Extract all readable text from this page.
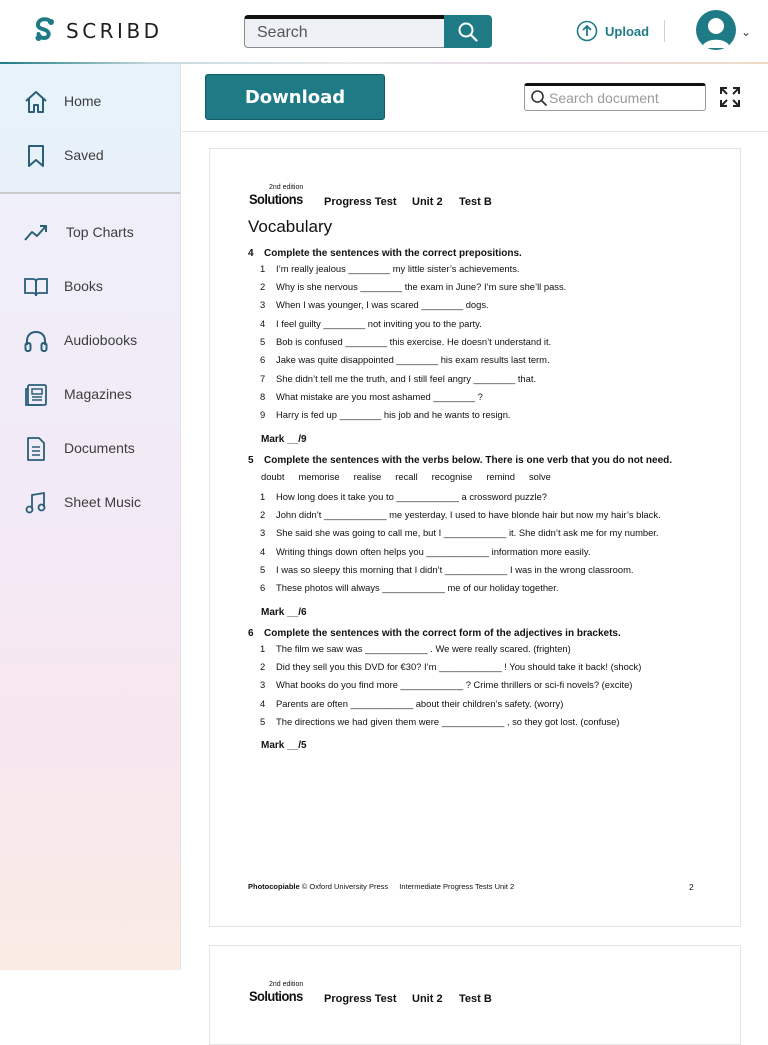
SCRIBD
Search	Upload	⌄
Home
Saved
Top Charts
Books
Audiobooks
Magazines
Documents
Sheet Music
Download
Search document
2nd edition
Solutions Progress Test Unit 2 Test B
Vocabulary
4 Complete the sentences with the correct prepositions.
1 I’m really jealous ________ my little sister’s achievements.
2 Why is she nervous ________ the exam in June? I’m sure she’ll pass.
3 When I was younger, I was scared ________ dogs.
4 I feel guilty ________ not inviting you to the party.
5 Bob is confused ________ this exercise. He doesn’t understand it.
6 Jake was quite disappointed ________ his exam results last term.
7 She didn’t tell me the truth, and I still feel angry ________ that.
8 What mistake are you most ashamed ________ ?
9 Harry is fed up ________ his job and he wants to resign.
Mark __/9
5 Complete the sentences with the verbs below. There is one verb that you do not need.
doubt memorise realise recall recognise remind solve
1 How long does it take you to ____________ a crossword puzzle?
2 John didn’t ____________ me yesterday. I used to have blonde hair but now my hair’s black.
3 She said she was going to call me, but I ____________ it. She didn’t ask me for my number.
4 Writing things down often helps you ____________ information more easily.
5 I was so sleepy this morning that I didn’t ____________ I was in the wrong classroom.
6 These photos will always ____________ me of our holiday together.
Mark __/6
6 Complete the sentences with the correct form of the adjectives in brackets.
1 The film we saw was ____________ . We were really scared. (frighten)
2 Did they sell you this DVD for €30? I’m ____________ ! You should take it back! (shock)
3 What books do you find more ____________ ? Crime thrillers or sci-fi novels? (excite)
4 Parents are often ____________ about their children’s safety. (worry)
5 The directions we had given them were ____________ , so they got lost. (confuse)
Mark __/5
Photocopiable © Oxford University Press Intermediate Progress Tests Unit 2	2
2nd edition
Solutions Progress Test Unit 2 Test B
